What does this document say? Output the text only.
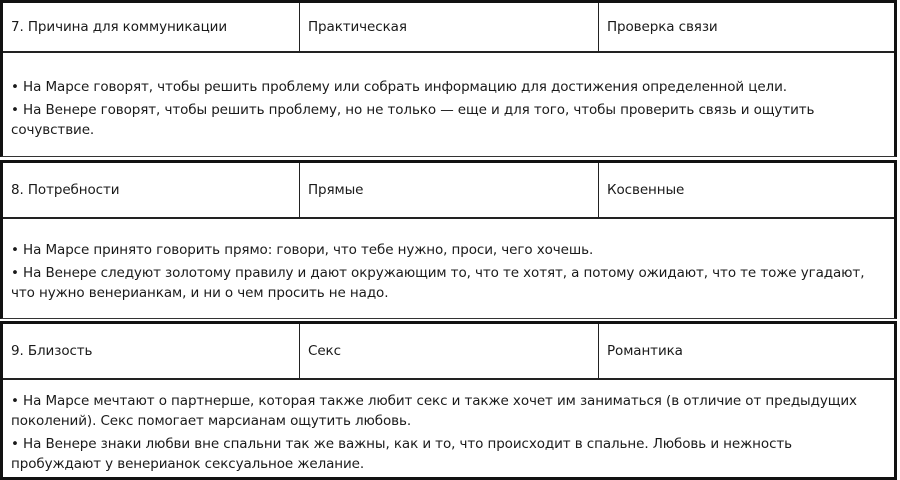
7. Причина для коммуникации	Практическая	Проверка связи

• На Марсе говорят, чтобы решить проблему или собрать информацию для достижения определенной цели.

• На Венере говорят, чтобы решить проблему, но не только — еще и для того, чтобы проверить связь и ощутить сочувствие.

8. Потребности	Прямые	Косвенные

• На Марсе принято говорить прямо: говори, что тебе нужно, проси, чего хочешь.

• На Венере следуют золотому правилу и дают окружающим то, что те хотят, а потому ожидают, что те тоже угадают, что нужно венерианкам, и ни о чем просить не надо.

9. Близость	Секс	Романтика

• На Марсе мечтают о партнерше, которая также любит секс и также хочет им заниматься (в отличие от предыдущих поколений). Секс помогает марсианам ощутить любовь.

• На Венере знаки любви вне спальни так же важны, как и то, что происходит в спальне. Любовь и нежность пробуждают у венерианок сексуальное желание.
